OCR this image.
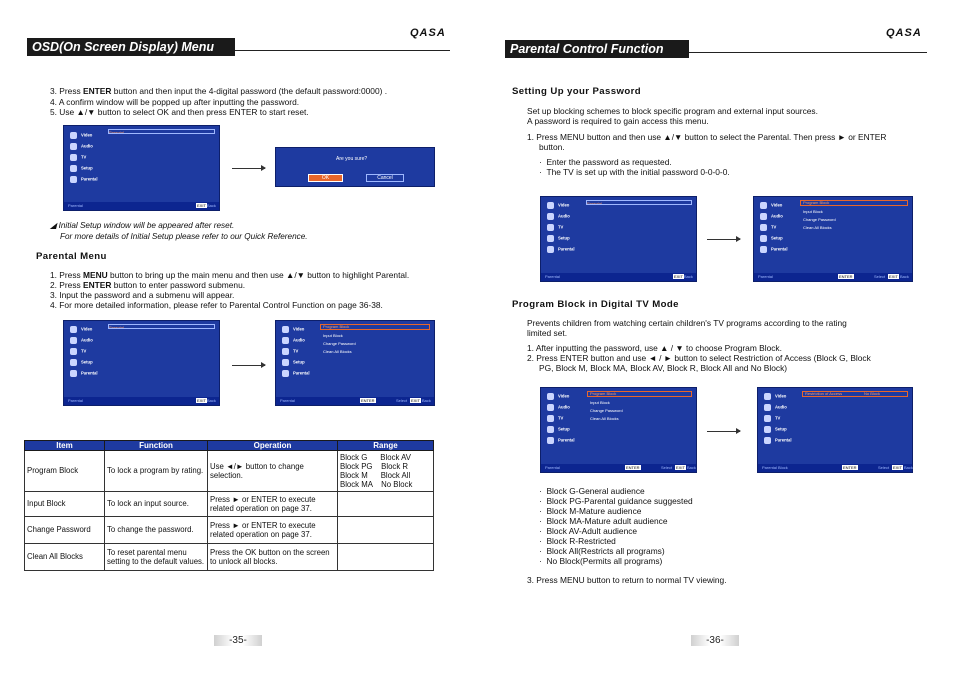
QASA
OSD(On Screen Display) Menu
3. Press ENTER button and then input the 4-digital password (the default password:0000) .
4. A confirm window will be popped up after inputting the password.
5. Use ▲/▼ button to select OK and then press ENTER to start reset.
Video
Audio
TV
Setup
Parental
Parental
Parental	EXIT Back
Are you sure?
OK	Cancel
◢ Initial Setup window will be appeared after reset.
For more details of Initial Setup please refer to our Quick Reference.
Parental Menu
1. Press MENU button to bring up the main menu and then use ▲/▼ button to highlight Parental.
2. Press ENTER button to enter password submenu.
3. Input the password and a submenu will appear.
4. For more detailed information, please refer to Parental Control Function on page 36-38.
Video
Audio
TV
Setup
Parental
Parental
Parental	EXIT Back
Video
Audio
TV
Setup
Parental
Program Block
Input Block
Change Password
Clean All Blocks
Parental	ENTER	Select EXIT Back
Item	Function	Operation	Range
Program Block	To lock a program by rating.	Use ◄/► button to change selection.	Block G      Block AV
Block PG    Block R
Block M      Block All
Block MA    No Block
Input Block	To lock an input source.	Press ► or ENTER to execute related operation on page 37.	
Change Password	To change the password.	Press ► or ENTER to execute related operation on page 37.	
Clean All Blocks	To reset parental menu setting to the default values.	Press the OK button on the screen to unlock all blocks.	
-35-
QASA
Parental Control Function
Setting Up your Password
Set up blocking schemes to block specific program and external input sources.
A password is required to gain access this menu.
1. Press MENU button and then use ▲/▼ button to select the Parental. Then press ► or ENTER
button.
·  Enter the password as requested.
·  The TV is set up with the initial password 0-0-0-0.
Video
Audio
TV
Setup
Parental
Parental
Parental	EXIT Back
Video
Audio
TV
Setup
Parental
Program Block
Input Block
Change Password
Clean All Blocks
Parental	ENTER	Select EXIT Back
Program Block in Digital TV Mode
Prevents children from watching certain children's TV programs according to the rating
limited set.
1. After inputting the password, use ▲ / ▼ to choose Program Block.
2. Press ENTER button and use ◄ / ► button to select Restriction of Access (Block G, Block
PG, Block M, Block MA, Block AV, Block R, Block All and No Block)
Video
Audio
TV
Setup
Parental
Program Block
Input Block
Change Password
Clean All Blocks
Parental	ENTER	Select EXIT Back
Video
Audio
TV
Setup
Parental
Restriction of Access	No Block
Parental Block	ENTER	Select EXIT Back
·  Block G-General audience
·  Block PG-Parental guidance suggested
·  Block M-Mature audience
·  Block MA-Mature adult audience
·  Block AV-Adult audience
·  Block R-Restricted
·  Block All(Restricts all programs)
·  No Block(Permits all programs)
3. Press MENU button to return to normal TV viewing.
-36-
